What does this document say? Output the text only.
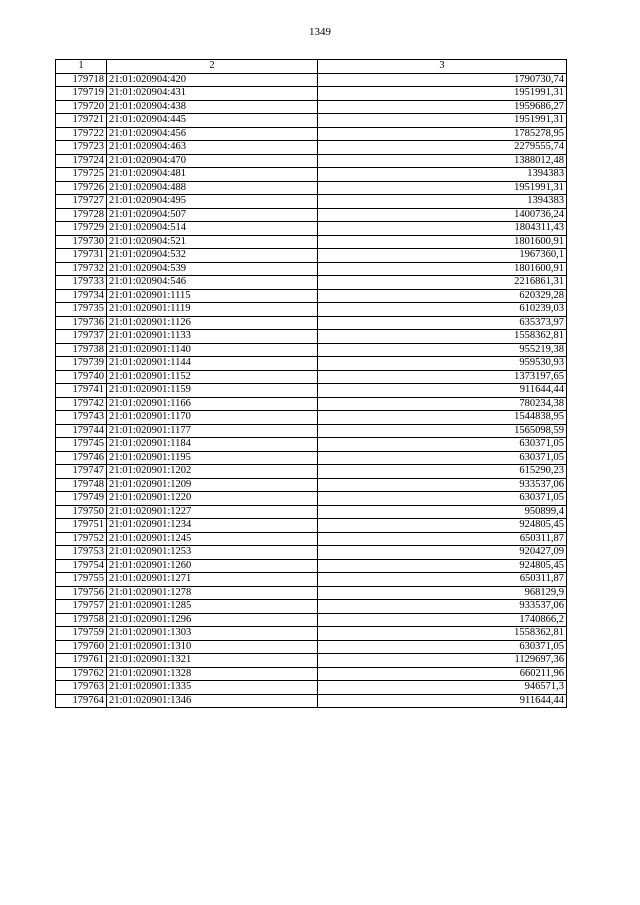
1349
1	2	3
179718	21:01:020904:420	1790730,74
179719	21:01:020904:431	1951991,31
179720	21:01:020904:438	1959686,27
179721	21:01:020904:445	1951991,31
179722	21:01:020904:456	1785278,95
179723	21:01:020904:463	2279555,74
179724	21:01:020904:470	1388012,48
179725	21:01:020904:481	1394383
179726	21:01:020904:488	1951991,31
179727	21:01:020904:495	1394383
179728	21:01:020904:507	1400736,24
179729	21:01:020904:514	1804311,43
179730	21:01:020904:521	1801600,91
179731	21:01:020904:532	1967360,1
179732	21:01:020904:539	1801600,91
179733	21:01:020904:546	2216861,31
179734	21:01:020901:1115	620329,28
179735	21:01:020901:1119	610239,03
179736	21:01:020901:1126	635373,97
179737	21:01:020901:1133	1558362,81
179738	21:01:020901:1140	955219,38
179739	21:01:020901:1144	959530,93
179740	21:01:020901:1152	1373197,65
179741	21:01:020901:1159	911644,44
179742	21:01:020901:1166	780234,38
179743	21:01:020901:1170	1544838,95
179744	21:01:020901:1177	1565098,59
179745	21:01:020901:1184	630371,05
179746	21:01:020901:1195	630371,05
179747	21:01:020901:1202	615290,23
179748	21:01:020901:1209	933537,06
179749	21:01:020901:1220	630371,05
179750	21:01:020901:1227	950899,4
179751	21:01:020901:1234	924805,45
179752	21:01:020901:1245	650311,87
179753	21:01:020901:1253	920427,09
179754	21:01:020901:1260	924805,45
179755	21:01:020901:1271	650311,87
179756	21:01:020901:1278	968129,9
179757	21:01:020901:1285	933537,06
179758	21:01:020901:1296	1740866,2
179759	21:01:020901:1303	1558362,81
179760	21:01:020901:1310	630371,05
179761	21:01:020901:1321	1129697,36
179762	21:01:020901:1328	660211,96
179763	21:01:020901:1335	946571,3
179764	21:01:020901:1346	911644,44
